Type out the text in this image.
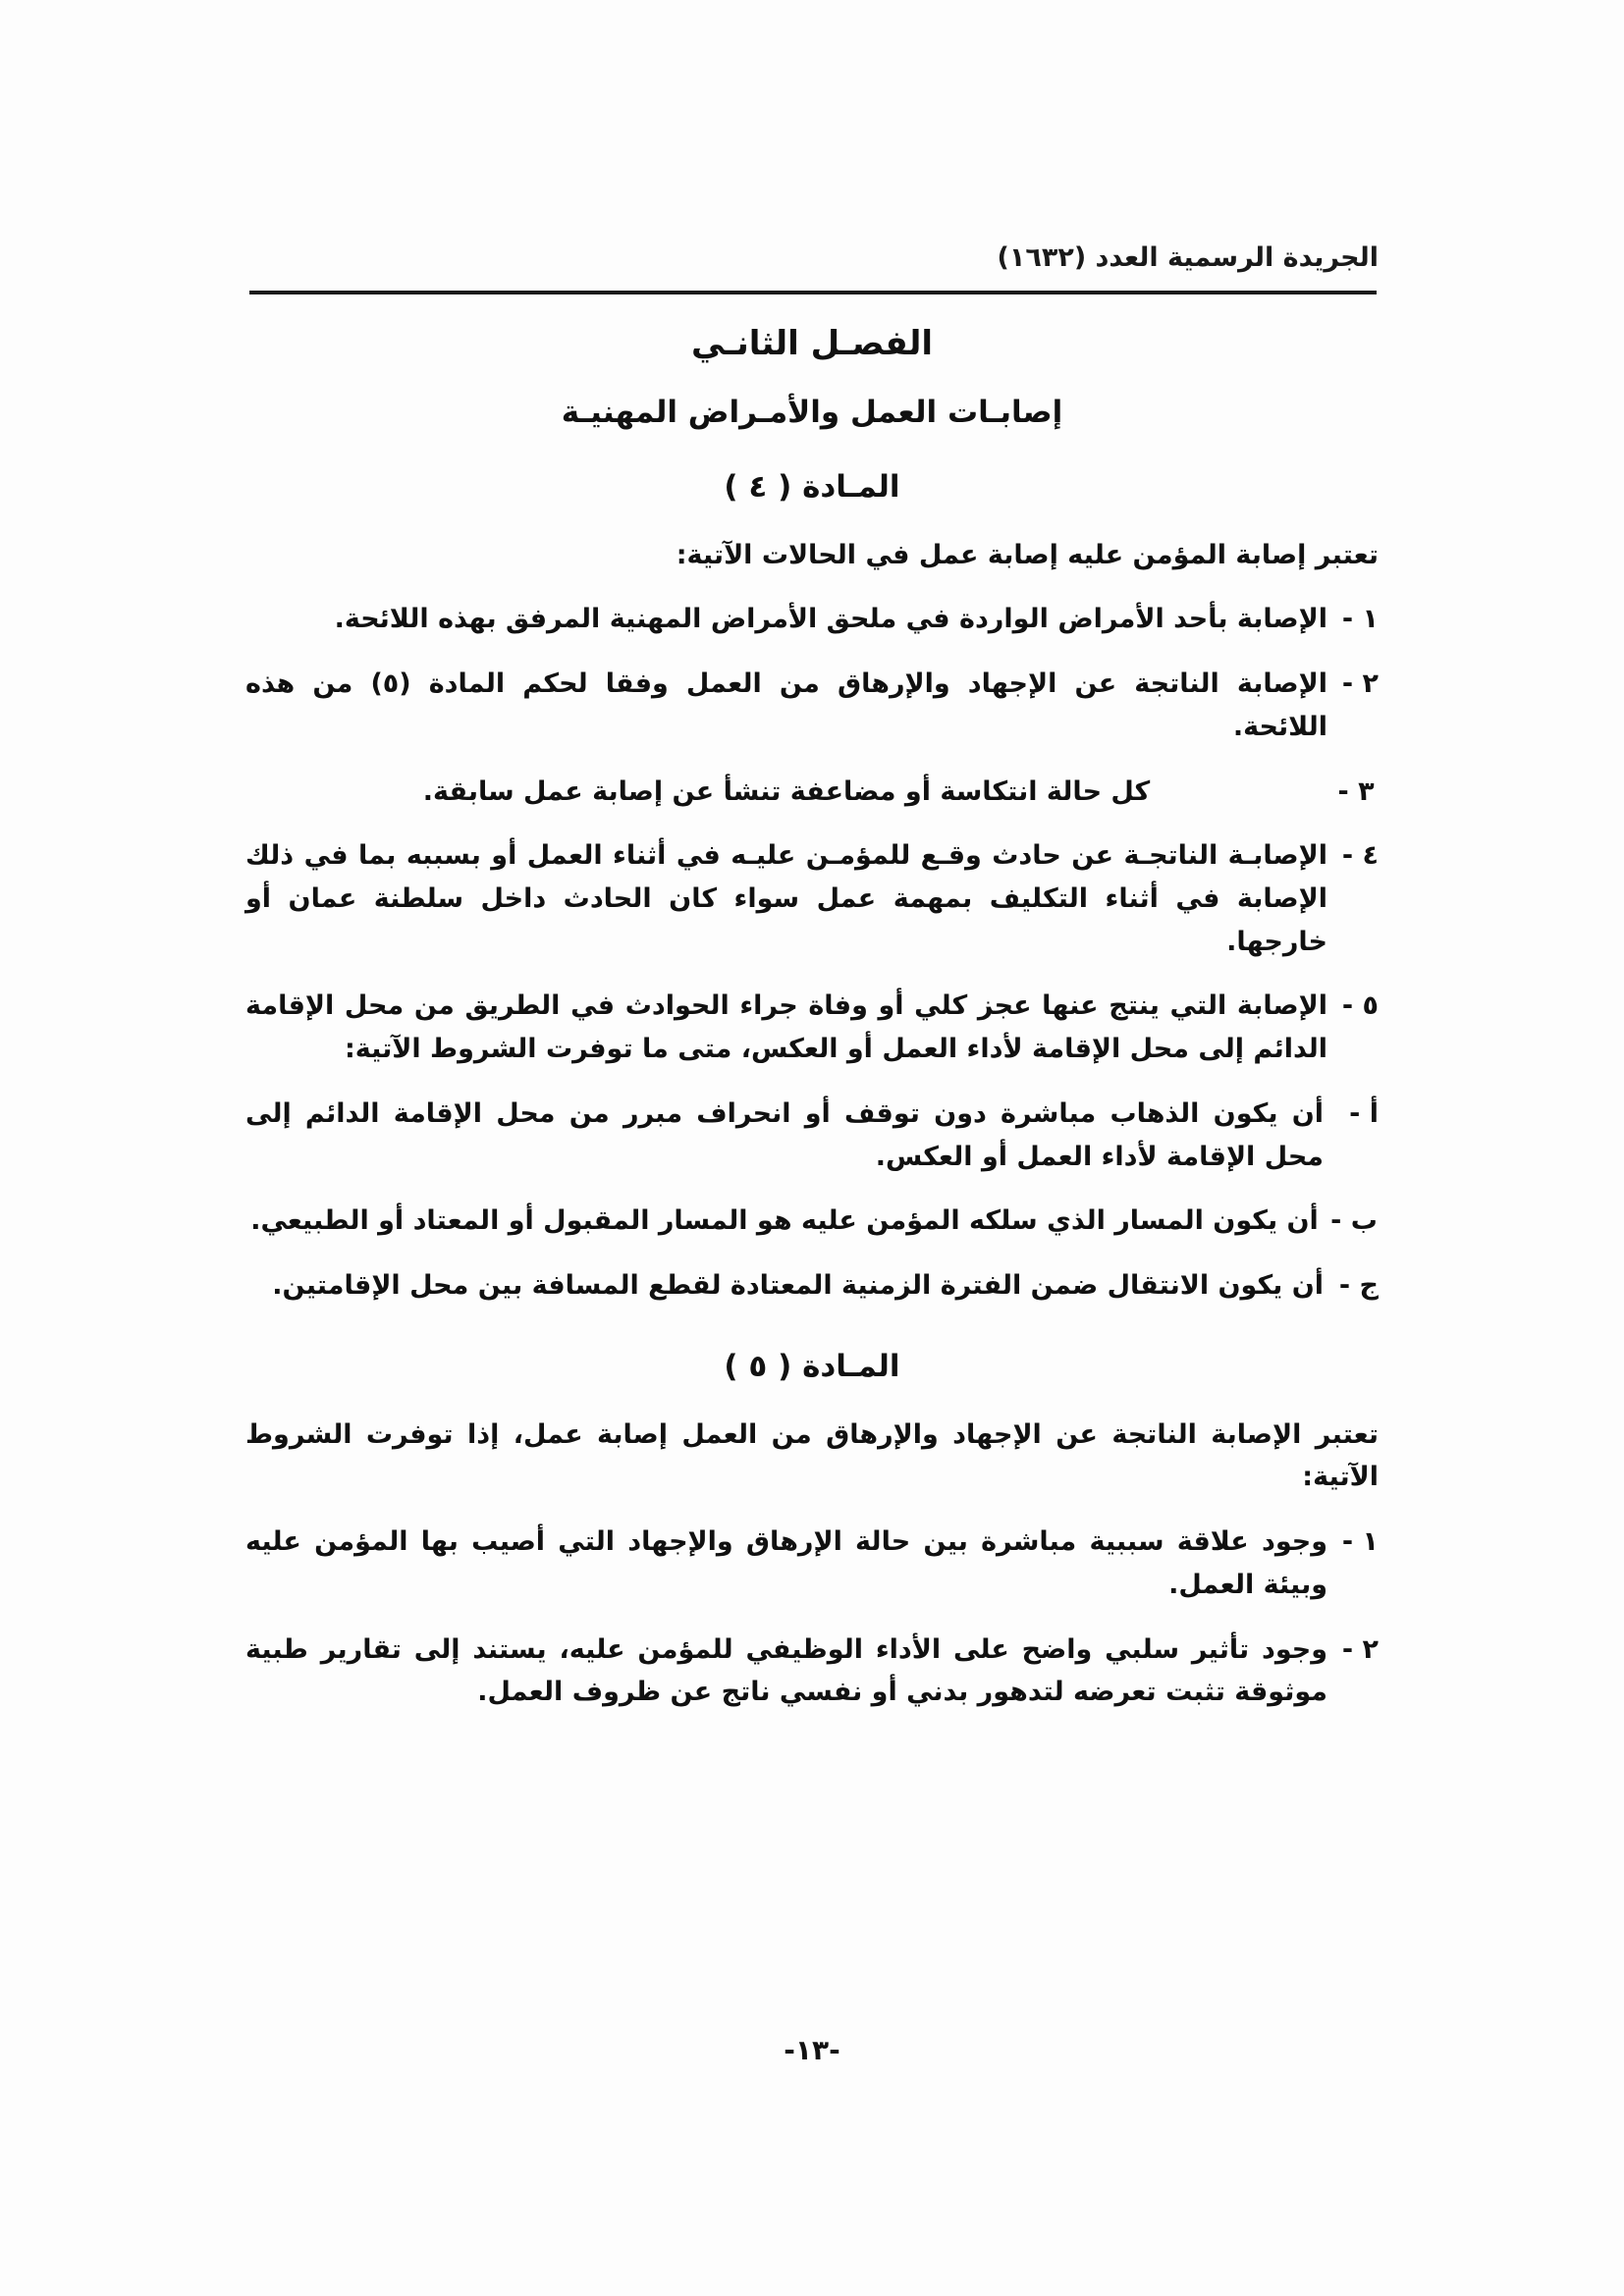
الجريدة الرسمية العدد (١٦٣٢)
الفصـل الثانـي
إصابـات العمل والأمـراض المهنيـة
المـادة ( ٤ )

تعتبر إصابة المؤمن عليه إصابة عمل في الحالات الآتية:

١ -
الإصابة بأحد الأمراض الواردة في ملحق الأمراض المهنية المرفق بهذه اللائحة.
٢ -
الإصابة الناتجة عن الإجهاد والإرهاق من العمل وفقا لحكم المادة (٥) من هذه اللائحة.
٣ -
كل حالة انتكاسة أو مضاعفة تنشأ عن إصابة عمل سابقة.
٤ -
الإصابـة الناتجـة عن حادث وقـع للمؤمـن عليـه في أثناء العمل أو بسببه بما في ذلك الإصابة في أثناء التكليف بمهمة عمل سواء كان الحادث داخل سلطنة عمان أو خارجها.
٥ -
الإصابة التي ينتج عنها عجز كلي أو وفاة جراء الحوادث في الطريق من محل الإقامة الدائم إلى محل الإقامة لأداء العمل أو العكس، متى ما توفرت الشروط الآتية:
أ -
أن يكون الذهاب مباشرة دون توقف أو انحراف مبرر من محل الإقامة الدائم إلى محل الإقامة لأداء العمل أو العكس.
ب -
أن يكون المسار الذي سلكه المؤمن عليه هو المسار المقبول أو المعتاد أو الطبيعي.
ج -
أن يكون الانتقال ضمن الفترة الزمنية المعتادة لقطع المسافة بين محل الإقامتين.
المـادة ( ٥ )

تعتبر الإصابة الناتجة عن الإجهاد والإرهاق من العمل إصابة عمل، إذا توفرت الشروط الآتية:

١ -
وجود علاقة سببية مباشرة بين حالة الإرهاق والإجهاد التي أصيب بها المؤمن عليه وبيئة العمل.
٢ -
وجود تأثير سلبي واضح على الأداء الوظيفي للمؤمن عليه، يستند إلى تقارير طبية موثوقة تثبت تعرضه لتدهور بدني أو نفسي ناتج عن ظروف العمل.
-١٣-
